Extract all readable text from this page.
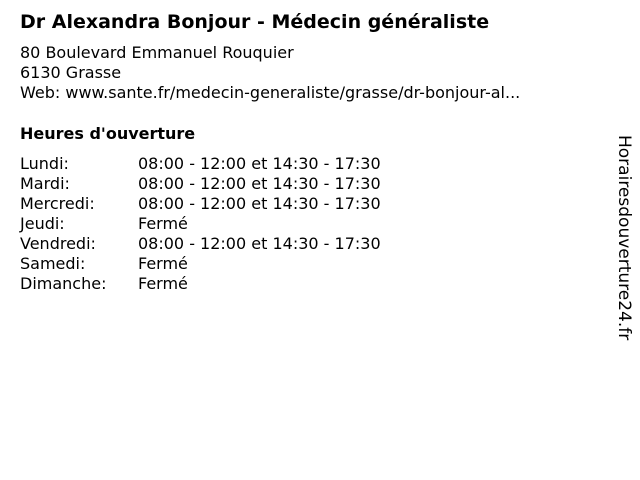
Dr Alexandra Bonjour - Médecin généraliste
80 Boulevard Emmanuel Rouquier
6130 Grasse
Web: www.sante.fr/medecin-generaliste/grasse/dr-bonjour-al...
Heures d'ouverture
Lundi:	08:00 - 12:00 et 14:30 - 17:30
Mardi:	08:00 - 12:00 et 14:30 - 17:30
Mercredi:	08:00 - 12:00 et 14:30 - 17:30
Jeudi:	Fermé
Vendredi:	08:00 - 12:00 et 14:30 - 17:30
Samedi:	Fermé
Dimanche: Fermé	Horairesdouverture24.fr
